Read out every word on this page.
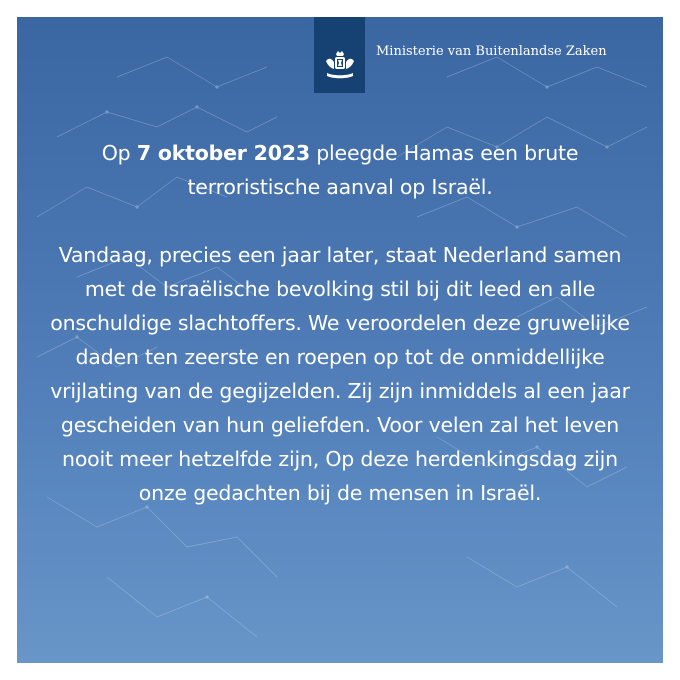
Ministerie van Buitenlandse Zaken

Op 7 oktober 2023 pleegde Hamas een brute terroristische aanval op Israël.

Vandaag, precies een jaar later, staat Nederland samen met de Israëlische bevolking stil bij dit leed en alle onschuldige slachtoffers. We veroordelen deze gruwelijke daden ten zeerste en roepen op tot de onmiddellijke vrijlating van de gegijzelden. Zij zijn inmiddels al een jaar gescheiden van hun geliefden. Voor velen zal het leven nooit meer hetzelfde zijn, Op deze herdenkingsdag zijn onze gedachten bij de mensen in Israël.
